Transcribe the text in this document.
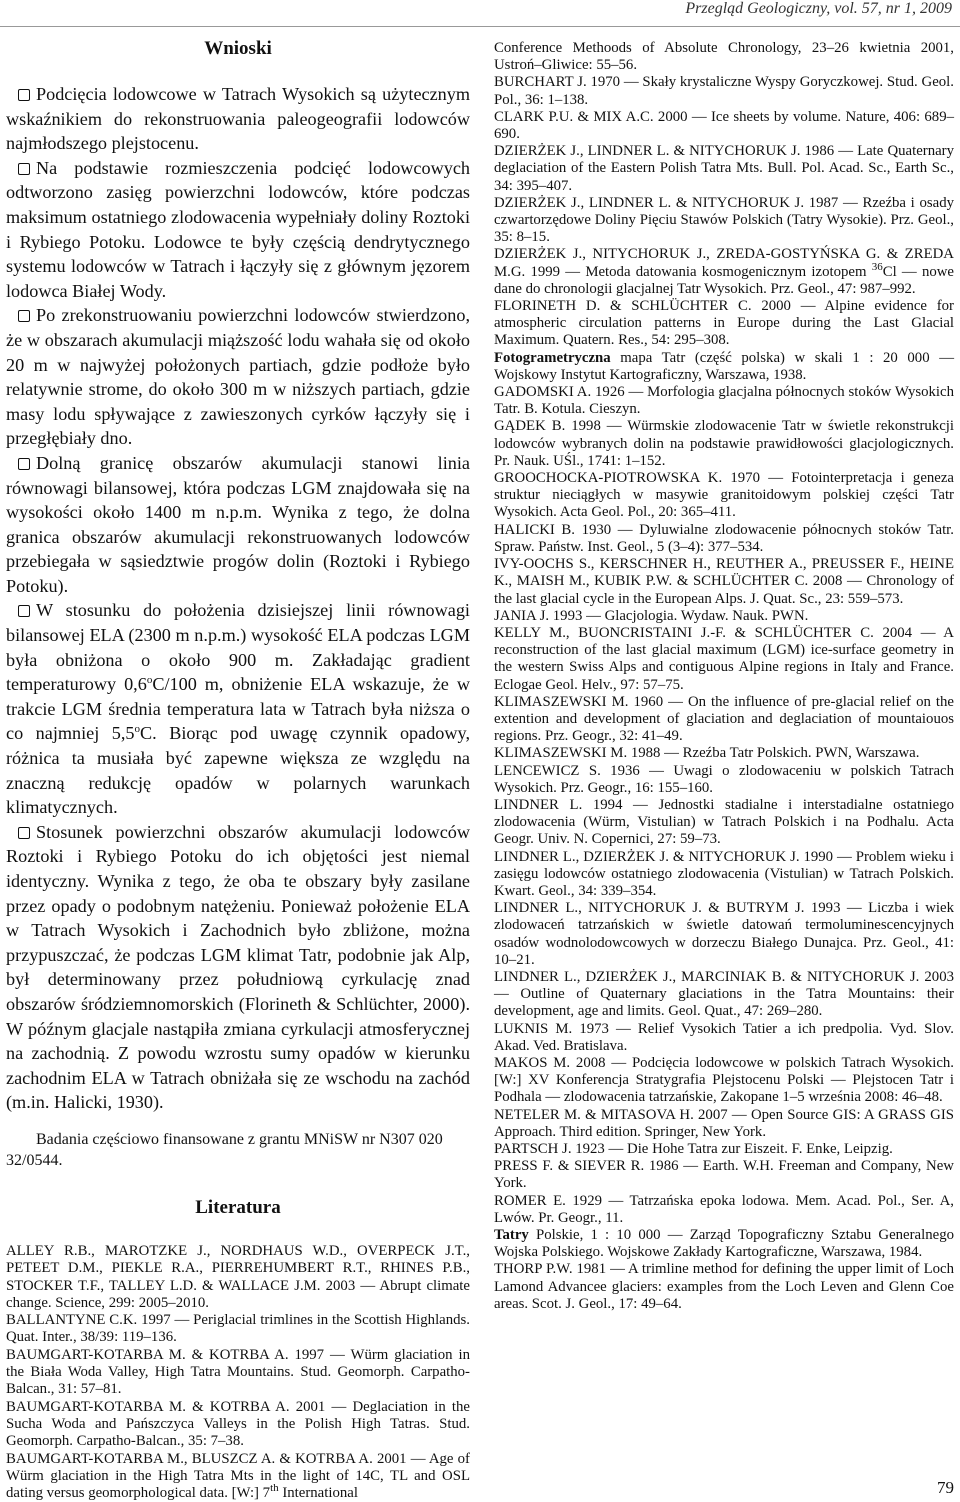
Przegląd Geologiczny, vol. 57, nr 1, 2009
Wnioski

Podcięcia lodowcowe w Tatrach Wysokich są użytecznym wskaźnikiem do rekonstruowania paleogeografii lodowców najmłodszego plejstocenu.

Na podstawie rozmieszczenia podcięć lodowcowych odtworzono zasięg powierzchni lodowców, które podczas maksimum ostatniego zlodowacenia wypełniały doliny Roztoki i Rybiego Potoku. Lodowce te były częścią dendrytycznego systemu lodowców w Tatrach i łączyły się z głównym jęzorem lodowca Białej Wody.

Po zrekonstruowaniu powierzchni lodowców stwierdzono, że w obszarach akumulacji miąższość lodu wahała się od około 20 m w najwyżej położonych partiach, gdzie podłoże było relatywnie strome, do około 300 m w niższych partiach, gdzie masy lodu spływające z zawieszonych cyrków łączyły się i przegłębiały dno.

Dolną granicę obszarów akumulacji stanowi linia równowagi bilansowej, która podczas LGM znajdowała się na wysokości około 1400 m n.p.m. Wynika z tego, że dolna granica obszarów akumulacji rekonstruowanych lodowców przebiegała w sąsiedztwie progów dolin (Roztoki i Rybiego Potoku).

W stosunku do położenia dzisiejszej linii równowagi bilansowej ELA (2300 m n.p.m.) wysokość ELA podczas LGM była obniżona o około 900 m. Zakładając gradient temperaturowy 0,6$^o$C/100 m, obniżenie ELA wskazuje, że w trakcie LGM średnia temperatura lata w Tatrach była niższa o co najmniej 5,5$^o$C. Biorąc pod uwagę czynnik opadowy, różnica ta musiała być zapewne większa ze względu na znaczną redukcję opadów w polarnych warunkach klimatycznych.

Stosunek powierzchni obszarów akumulacji lodowców Roztoki i Rybiego Potoku do ich objętości jest niemal identyczny. Wynika z tego, że oba te obszary były zasilane przez opady o podobnym natężeniu. Ponieważ położenie ELA w Tatrach Wysokich i Zachodnich było zbliżone, można przypuszczać, że podczas LGM klimat Tatr, podobnie jak Alp, był determinowany przez południową cyrkulację znad obszarów śródziemnomorskich (Florineth & Schlüchter, 2000). W późnym glacjale nastąpiła zmiana cyrkulacji atmosferycznej na zachodnią. Z powodu wzrostu sumy opadów w kierunku zachodnim ELA w Tatrach obniżała się ze wschodu na zachód (m.in. Halicki, 1930).

Badania częściowo finansowane z grantu MNiSW nr N307 020 32/0544.

Literatura

ALLEY R.B., MAROTZKE J., NORDHAUS W.D., OVERPECK J.T., PETEET D.M., PIEKLE R.A., PIERREHUMBERT R.T., RHINES P.B., STOCKER T.F., TALLEY L.D. & WALLACE J.M. 2003 — Abrupt climate change. Science, 299: 2005–2010.

BALLANTYNE C.K. 1997 — Periglacial trimlines in the Scottish Highlands. Quat. Inter., 38/39: 119–136.

BAUMGART-KOTARBA M. & KOTRBA A. 1997 — Würm glaciation in the Biała Woda Valley, High Tatra Mountains. Stud. Geomorph. Carpatho-Balcan., 31: 57–81.

BAUMGART-KOTARBA M. & KOTRBA A. 2001 — Deglaciation in the Sucha Woda and Pańszczyca Valleys in the Polish High Tatras. Stud. Geomorph. Carpatho-Balcan., 35: 7–38.

BAUMGART-KOTARBA M., BLUSZCZ A. & KOTRBA A. 2001 — Age of Würm glaciation in the High Tatra Mts in the light of 14C, TL and OSL dating versus geomorphological data. [W:] 7th International

Conference Methoods of Absolute Chronology, 23–26 kwietnia 2001, Ustroń–Gliwice: 55–56.

BURCHART J. 1970 — Skały krystaliczne Wyspy Goryczkowej. Stud. Geol. Pol., 36: 1–138.

CLARK P.U. & MIX A.C. 2000 — Ice sheets by volume. Nature, 406: 689–690.

DZIERŻEK J., LINDNER L. & NITYCHORUK J. 1986 — Late Quaternary deglaciation of the Eastern Polish Tatra Mts. Bull. Pol. Acad. Sc., Earth Sc., 34: 395–407.

DZIERŻEK J., LINDNER L. & NITYCHORUK J. 1987 — Rzeźba i osady czwartorzędowe Doliny Pięciu Stawów Polskich (Tatry Wysokie). Prz. Geol., 35: 8–15.

DZIERŻEK J., NITYCHORUK J., ZREDA-GOSTYŃSKA G. & ZREDA M.G. 1999 — Metoda datowania kosmogenicznym izotopem $^{36}$Cl — nowe dane do chronologii glacjalnej Tatr Wysokich. Prz. Geol., 47: 987–992.

FLORINETH D. & SCHLÜCHTER C. 2000 — Alpine evidence for atmospheric circulation patterns in Europe during the Last Glacial Maximum. Quatern. Res., 54: 295–308.

Fotogrametryczna mapa Tatr (część polska) w skali 1 : 20 000 — Wojskowy Instytut Kartograficzny, Warszawa, 1938.

GADOMSKI A. 1926 — Morfologia glacjalna północnych stoków Wysokich Tatr. B. Kotula. Cieszyn.

GĄDEK B. 1998 — Würmskie zlodowacenie Tatr w świetle rekonstrukcji lodowców wybranych dolin na podstawie prawidłowości glacjologicznych. Pr. Nauk. UŚl., 1741: 1–152.

GROOCHOCKA-PIOTROWSKA K. 1970 — Fotointerpretacja i geneza struktur nieciągłych w masywie granitoidowym polskiej części Tatr Wysokich. Acta Geol. Pol., 20: 365–411.

HALICKI B. 1930 — Dyluwialne zlodowacenie północnych stoków Tatr. Spraw. Państw. Inst. Geol., 5 (3–4): 377–534.

IVY-OOCHS S., KERSCHNER H., REUTHER A., PREUSSER F., HEINE K., MAISH M., KUBIK P.W. & SCHLÜCHTER C. 2008 — Chronology of the last glacial cycle in the European Alps. J. Quat. Sc., 23: 559–573.

JANIA J. 1993 — Glacjologia. Wydaw. Nauk. PWN.

KELLY M., BUONCRISTAINI J.-F. & SCHLÜCHTER C. 2004 — A reconstruction of the last glacial maximum (LGM) ice-surface geometry in the western Swiss Alps and contiguous Alpine regions in Italy and France. Eclogae Geol. Helv., 97: 57–75.

KLIMASZEWSKI M. 1960 — On the influence of pre-glacial relief on the extention and development of glaciation and deglaciation of mountaiouos regions. Prz. Geogr., 32: 41–49.

KLIMASZEWSKI M. 1988 — Rzeźba Tatr Polskich. PWN, Warszawa.

LENCEWICZ S. 1936 — Uwagi o zlodowaceniu w polskich Tatrach Wysokich. Prz. Geogr., 16: 155–160.

LINDNER L. 1994 — Jednostki stadialne i interstadialne ostatniego zlodowacenia (Würm, Vistulian) w Tatrach Polskich i na Podhalu. Acta Geogr. Univ. N. Copernici, 27: 59–73.

LINDNER L., DZIERŻEK J. & NITYCHORUK J. 1990 — Problem wieku i zasięgu lodowców ostatniego zlodowacenia (Vistulian) w Tatrach Polskich. Kwart. Geol., 34: 339–354.

LINDNER L., NITYCHORUK J. & BUTRYM J. 1993 — Liczba i wiek zlodowaceń tatrzańskich w świetle datowań termoluminescencyjnych osadów wodnolodowcowych w dorzeczu Białego Dunajca. Prz. Geol., 41: 10–21.

LINDNER L., DZIERŻEK J., MARCINIAK B. & NITYCHORUK J. 2003 — Outline of Quaternary glaciations in the Tatra Mountains: their development, age and limits. Geol. Quat., 47: 269–280.

LUKNIS M. 1973 — Relief Vysokich Tatier a ich predpolia. Vyd. Slov. Akad. Ved. Bratislava.

MAKOS M. 2008 — Podcięcia lodowcowe w polskich Tatrach Wysokich. [W:] XV Konferencja Stratygrafia Plejstocenu Polski — Plejstocen Tatr i Podhala — zlodowacenia tatrzańskie, Zakopane 1–5 września 2008: 46–48.

NETELER M. & MITASOVA H. 2007 — Open Source GIS: A GRASS GIS Approach. Third edition. Springer, New York.

PARTSCH J. 1923 — Die Hohe Tatra zur Eiszeit. F. Enke, Leipzig.

PRESS F. & SIEVER R. 1986 — Earth. W.H. Freeman and Company, New York.

ROMER E. 1929 — Tatrzańska epoka lodowa. Mem. Acad. Pol., Ser. A, Lwów. Pr. Geogr., 11.

Tatry Polskie, 1 : 10 000 — Zarząd Topograficzny Sztabu Generalnego Wojska Polskiego. Wojskowe Zakłady Kartograficzne, Warszawa, 1984.

THORP P.W. 1981 — A trimline method for defining the upper limit of Loch Lamond Advancee glaciers: examples from the Loch Leven and Glenn Coe areas. Scot. J. Geol., 17: 49–64.

79
